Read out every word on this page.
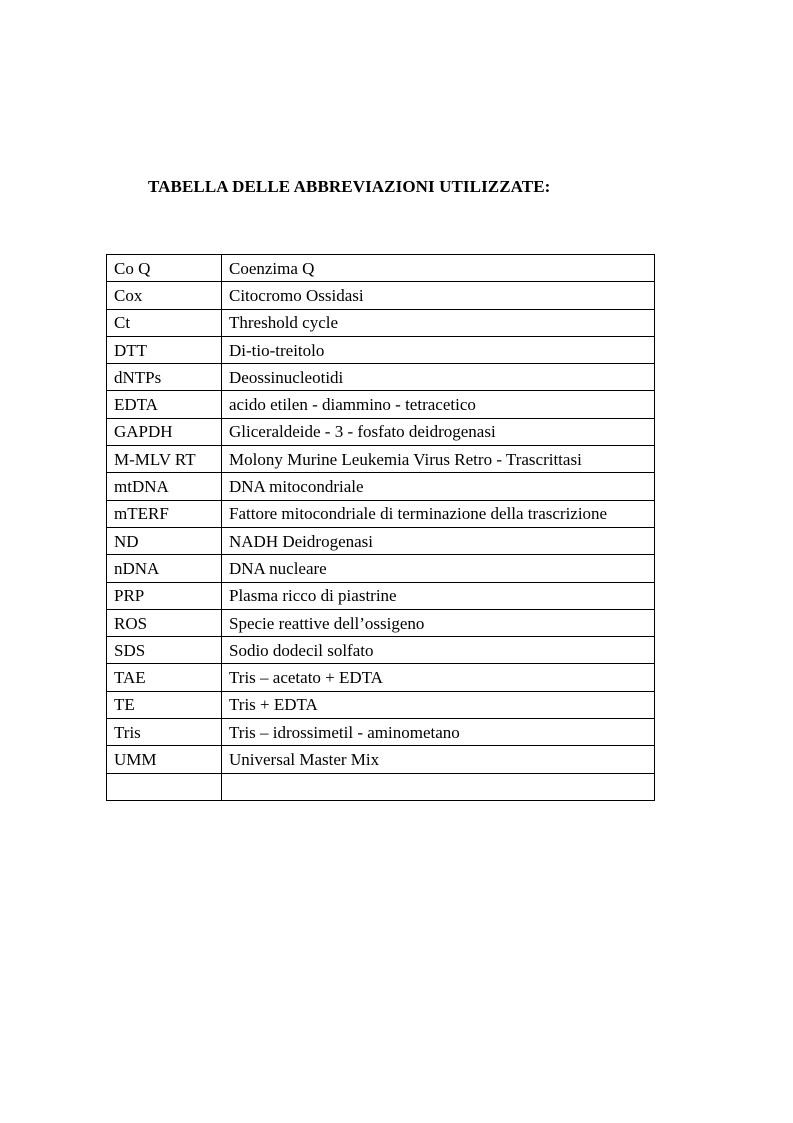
TABELLA DELLE ABBREVIAZIONI UTILIZZATE:
Co Q	Coenzima Q
Cox	Citocromo Ossidasi
Ct	Threshold cycle
DTT	Di-tio-treitolo
dNTPs	Deossinucleotidi
EDTA	acido etilen - diammino - tetracetico
GAPDH	Gliceraldeide - 3 - fosfato deidrogenasi
M-MLV RT	Molony Murine Leukemia Virus Retro - Trascrittasi
mtDNA	DNA mitocondriale
mTERF	Fattore mitocondriale di terminazione della trascrizione
ND	NADH Deidrogenasi
nDNA	DNA nucleare
PRP	Plasma ricco di piastrine
ROS	Specie reattive dell’ossigeno
SDS	Sodio dodecil solfato
TAE	Tris – acetato + EDTA
TE	Tris + EDTA
Tris	Tris – idrossimetil - aminometano
UMM	Universal Master Mix
